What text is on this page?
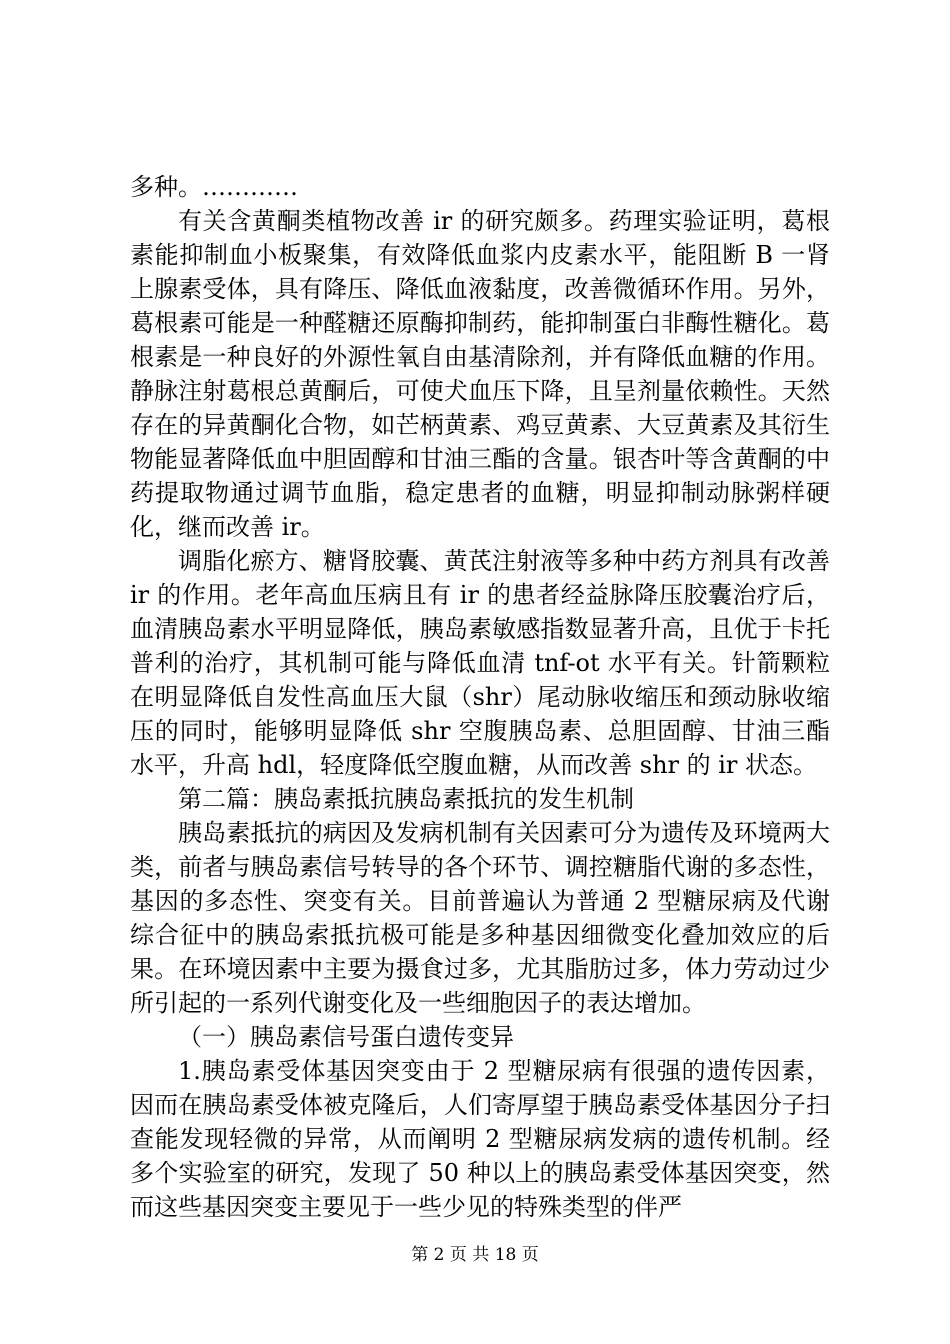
多种。…………

有关含黄酮类植物改善 ir 的研究颇多。药理实验证明，葛根素能抑制血小板聚集，有效降低血浆内皮素水平，能阻断 B 一肾上腺素受体，具有降压、降低血液黏度，改善微循环作用。另外，葛根素可能是一种醛糖还原酶抑制药，能抑制蛋白非酶性糖化。葛根素是一种良好的外源性氧自由基清除剂，并有降低血糖的作用。静脉注射葛根总黄酮后，可使犬血压下降，且呈剂量依赖性。天然存在的异黄酮化合物，如芒柄黄素、鸡豆黄素、大豆黄素及其衍生物能显著降低血中胆固醇和甘油三酯的含量。银杏叶等含黄酮的中药提取物通过调节血脂，稳定患者的血糖，明显抑制动脉粥样硬化，继而改善 ir。

调脂化瘀方、糖肾胶囊、黄芪注射液等多种中药方剂具有改善 ir 的作用。老年高血压病且有 ir 的患者经益脉降压胶囊治疗后，血清胰岛素水平明显降低，胰岛素敏感指数显著升高，且优于卡托普利的治疗，其机制可能与降低血清 tnf-ot 水平有关。针箭颗粒在明显降低自发性高血压大鼠（shr）尾动脉收缩压和颈动脉收缩压的同时，能够明显降低 shr 空腹胰岛素、总胆固醇、甘油三酯水平，升高 hdl，轻度降低空腹血糖，从而改善 shr 的 ir 状态。

第二篇：胰岛素抵抗胰岛素抵抗的发生机制

胰岛素抵抗的病因及发病机制有关因素可分为遗传及环境两大类，前者与胰岛素信号转导的各个环节、调控糖脂代谢的多态性，基因的多态性、突变有关。目前普遍认为普通 2 型糖尿病及代谢综合征中的胰岛索抵抗极可能是多种基因细微变化叠加效应的后果。在环境因素中主要为摄食过多，尤其脂肪过多，体力劳动过少所引起的一系列代谢变化及一些细胞因子的表达增加。

（一）胰岛素信号蛋白遗传变异

1.胰岛素受体基因突变由于 2 型糖尿病有很强的遗传因素，因而在胰岛素受体被克隆后，人们寄厚望于胰岛素受体基因分子扫查能发现轻微的异常，从而阐明 2 型糖尿病发病的遗传机制。经多个实验室的研究，发现了 50 种以上的胰岛素受体基因突变，然而这些基因突变主要见于一些少见的特殊类型的伴严

第 2 页 共 18 页
